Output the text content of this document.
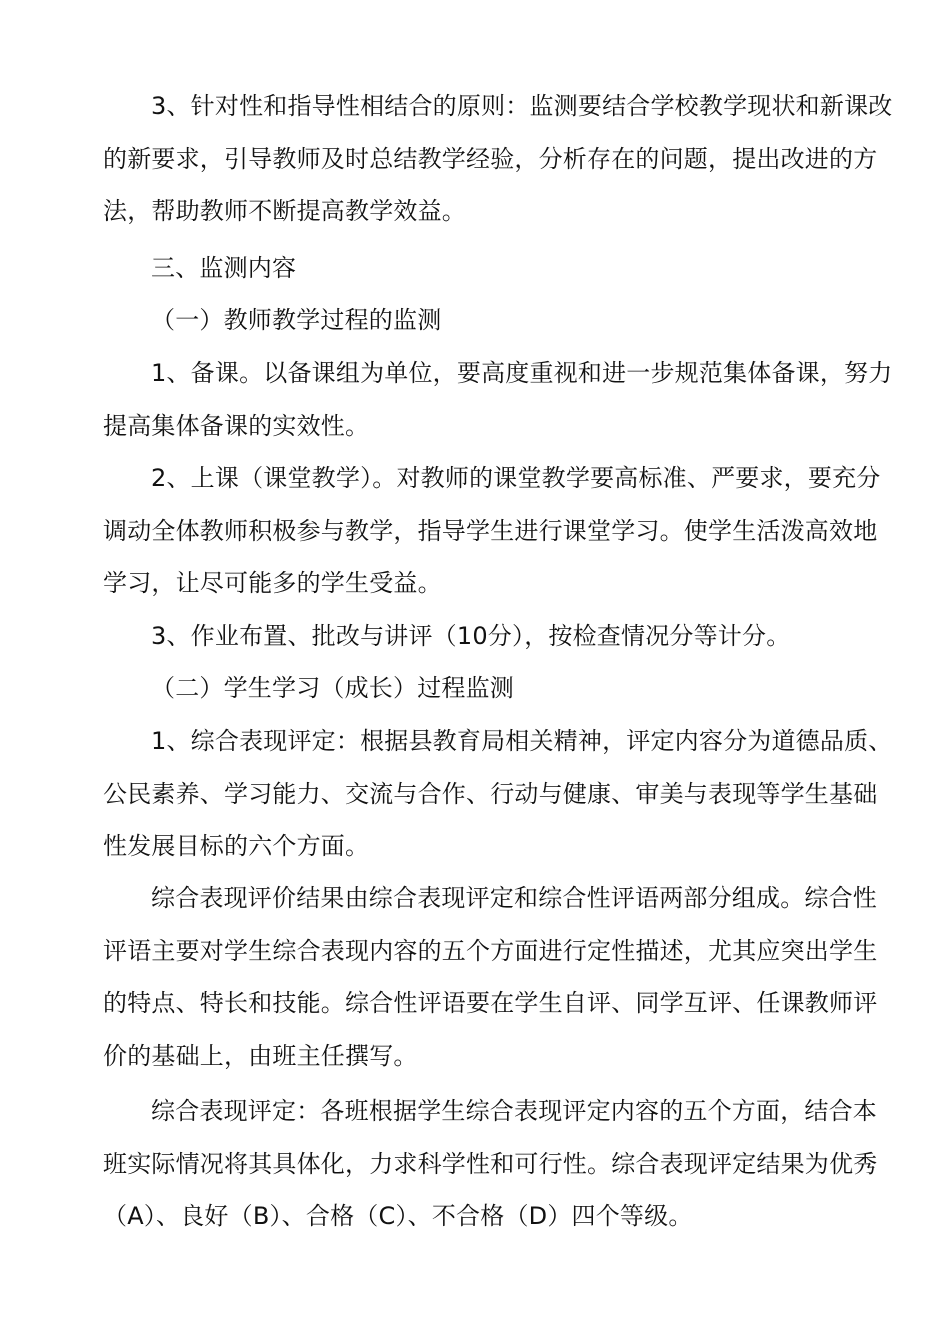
3、针对性和指导性相结合的原则：监测要结合学校教学现状和新课改的新要求，引导教师及时总结教学经验，分析存在的问题，提出改进的方法，帮助教师不断提高教学效益。

三、监测内容

（一）教师教学过程的监测

1、备课。以备课组为单位，要高度重视和进一步规范集体备课，努力提高集体备课的实效性。

2、上课（课堂教学）。对教师的课堂教学要高标准、严要求，要充分调动全体教师积极参与教学，指导学生进行课堂学习。使学生活泼高效地学习，让尽可能多的学生受益。

3、作业布置、批改与讲评（10分），按检查情况分等计分。

（二）学生学习（成长）过程监测

1、综合表现评定：根据县教育局相关精神，评定内容分为道德品质、公民素养、学习能力、交流与合作、行动与健康、审美与表现等学生基础性发展目标的六个方面。

综合表现评价结果由综合表现评定和综合性评语两部分组成。综合性评语主要对学生综合表现内容的五个方面进行定性描述，尤其应突出学生的特点、特长和技能。综合性评语要在学生自评、同学互评、任课教师评价的基础上，由班主任撰写。

综合表现评定：各班根据学生综合表现评定内容的五个方面，结合本班实际情况将其具体化，力求科学性和可行性。综合表现评定结果为优秀（A）、良好（B）、合格（C）、不合格（D）四个等级。
